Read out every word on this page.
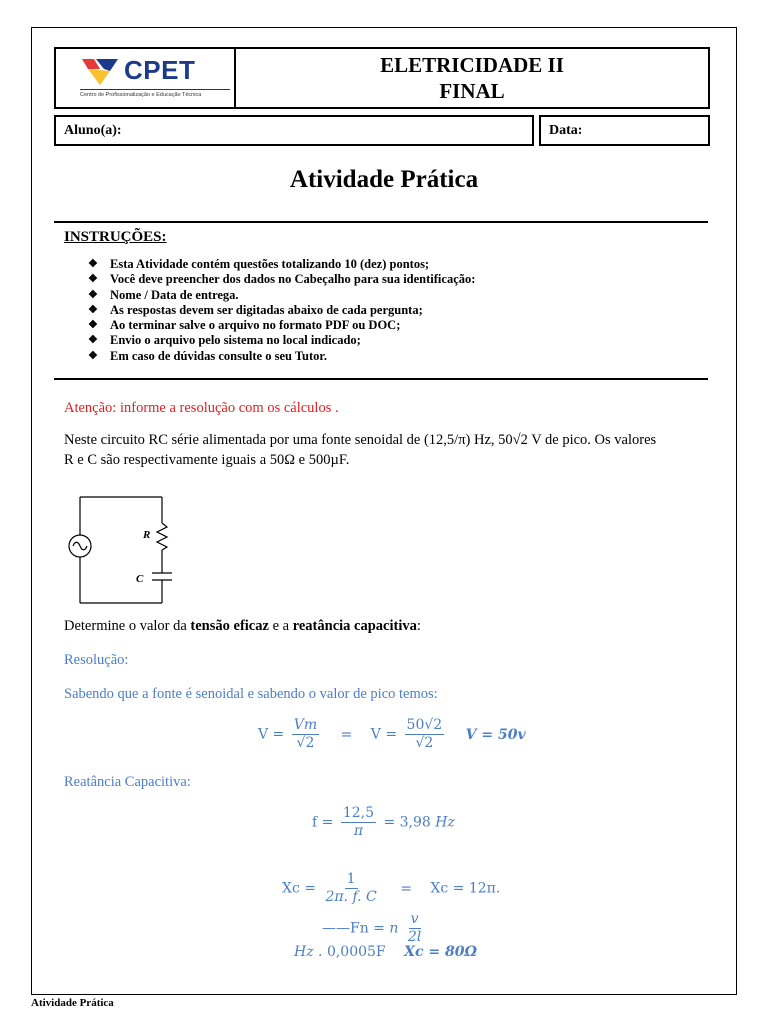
CPET
Centro de Profissionalização e Educação Técnica
ELETRICIDADE II
FINAL
Aluno(a):	Data:
Atividade Prática
INSTRUÇÕES:
❖ Esta Atividade contém questões totalizando 10 (dez) pontos;
❖ Você deve preencher dos dados no Cabeçalho para sua identificação:
❖ Nome / Data de entrega.
❖ As respostas devem ser digitadas abaixo de cada pergunta;
❖ Ao terminar salve o arquivo no formato PDF ou DOC;
❖ Envio o arquivo pelo sistema no local indicado;
❖ Em caso de dúvidas consulte o seu Tutor.
Atenção: informe a resolução com os cálculos .
Neste circuito RC série alimentada por uma fonte senoidal de (12,5/π) Hz, 50√2 V de pico. Os valores
R e C são respectivamente iguais a 50Ω e 500µF.
R
C
Determine o valor da tensão eficaz e a reatância capacitiva:
Resolução:
Sabendo que a fonte é senoidal e sabendo o valor de pico temos:
$V = \frac{Vm}{√2} = V = \frac{50√2}{√2}$ V = 50v
Reatância Capacitiva:
$f = \frac{12,5}{\pi} = 3,98$ Hz
$Xc = \frac{1}{2\pi. f. C} = Xc = 12\pi$.
——Fn = n $\frac{v}{2l}$
Hz . 0,0005F Xc = 80Ω
Atividade Prática
